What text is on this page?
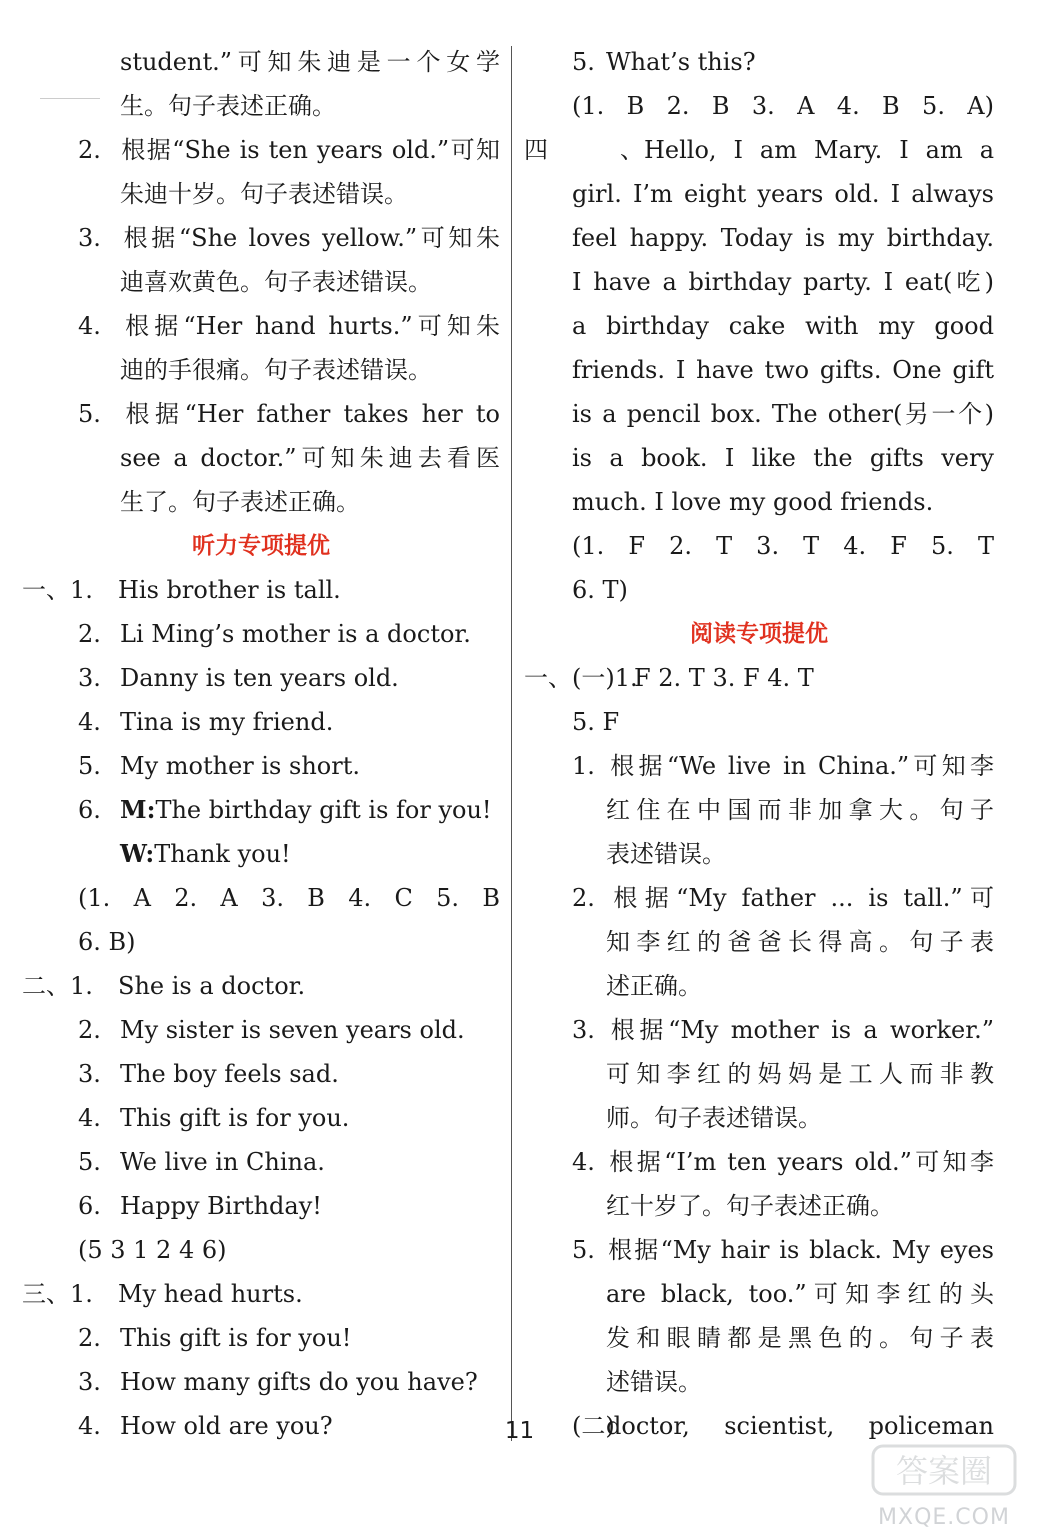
student.”可知朱迪是一个女学
生。句子表述正确。
2. 根据“She is ten years old.”可知
朱迪十岁。句子表述错误。
3. 根据“She loves yellow.”可知朱
迪喜欢黄色。句子表述错误。
4. 根据“Her hand hurts.”可知朱
迪的手很痛。句子表述错误。
5. 根据“Her father takes her to
see a doctor.”可知朱迪去看医
生了。句子表述正确。
听力专项提优
一、1. His brother is tall.
2. Li Ming’s mother is a doctor.
3. Danny is ten years old.
4. Tina is my friend.
5. My mother is short.
6. M:The birthday gift is for you!
W:Thank you!
(1. A 2. A 3. B 4. C 5. B
6. B)
二、1. She is a doctor.
2. My sister is seven years old.
3. The boy feels sad.
4. This gift is for you.
5. We live in China.
6. Happy Birthday!
(5 3 1 2 4 6)
三、1. My head hurts.
2. This gift is for you!
3. How many gifts do you have?
4. How old are you?
5. What’s this?
(1. B 2. B 3. A 4. B 5. A)
四、Hello, I am Mary. I am a
girl. I’m eight years old. I always
feel happy. Today is my birthday.
I have a birthday party. I eat(吃)
a birthday cake with my good
friends. I have two gifts. One gift
is a pencil box. The other(另一个)
is a book. I like the gifts very
much. I love my good friends.
(1. F 2. T 3. T 4. F 5. T
6. T)
阅读专项提优
一、(一)1.F 2. T 3. F 4. T
5. F
1. 根据“We live in China.”可知李
红住在中国而非加拿大。句子
表述错误。
2. 根据“My father ... is tall.”可
知李红的爸爸长得高。句子表
述正确。
3. 根据“My mother is a worker.”
可知李红的妈妈是工人而非教
师。句子表述错误。
4. 根据“I’m ten years old.”可知李
红十岁了。句子表述正确。
5. 根据“My hair is black. My eyes
are black, too.”可知李红的头
发和眼睛都是黑色的。句子表
述错误。
(二)doctor, scientist, policeman
11
答案圈
MXQE.COM
